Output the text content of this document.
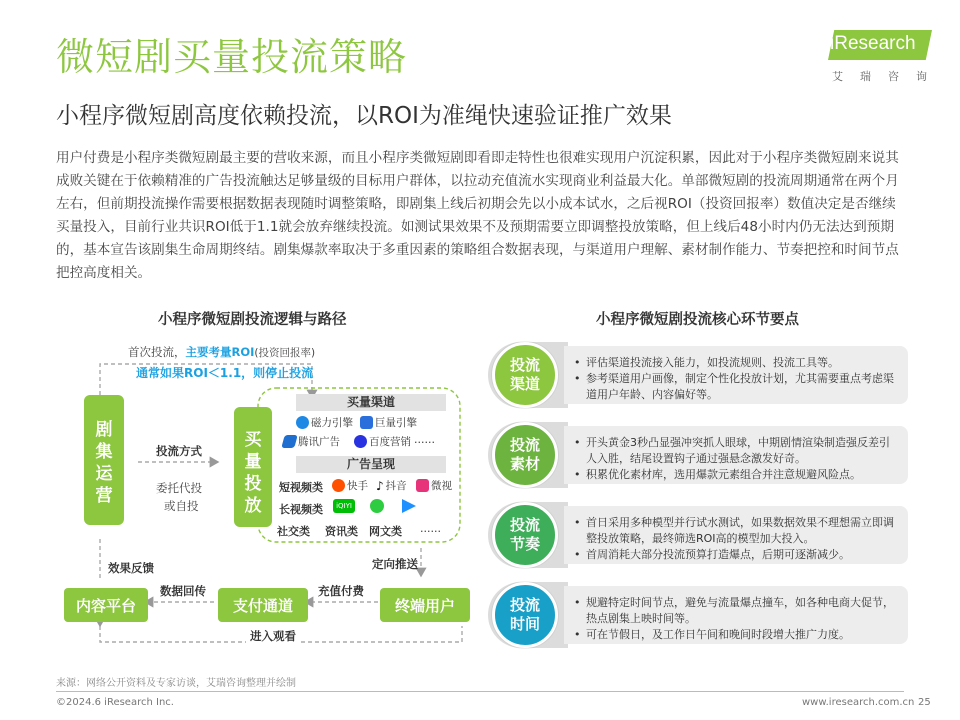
微短剧买量投流策略
小程序微短剧高度依赖投流，以ROI为准绳快速验证推广效果
iResearch
艾瑞咨询
用户付费是小程序类微短剧最主要的营收来源，而且小程序类微短剧即看即走特性也很难实现用户沉淀积累，因此对于小程序类微短剧来说其成败关键在于依赖精准的广告投流触达足够量级的目标用户群体，以拉动充值流水实现商业利益最大化。单部微短剧的投流周期通常在两个月左右，但前期投流操作需要根据数据表现随时调整策略，即剧集上线后初期会先以小成本试水，之后视ROI（投资回报率）数值决定是否继续买量投入，目前行业共识ROI低于1.1就会放弃继续投流。如测试果效果不及预期需要立即调整投放策略，但上线后48小时内仍无法达到预期的，基本宣告该剧集生命周期终结。剧集爆款率取决于多重因素的策略组合数据表现，与渠道用户理解、素材制作能力、节奏把控和时间节点把控高度相关。
小程序微短剧投流逻辑与路径	小程序微短剧投流核心环节要点
首次投流，主要考量ROI(投资回报率)
通常如果ROI＜1.1，则停止投流
剧集运营
投流方式
委托代投
或自投
买量投放
买量渠道
磁力引擎 巨量引擎
腾讯广告	百度营销 ……
广告呈现
短视频类 快手 ♪ 抖音 微视
长视频类	iQIYI
社交类 资讯类 网文类 ……
效果反馈	定向推送
内容平台	支付通道	终端用户
数据回传	充值付费
进入观看
• 评估渠道投流接入能力，如投流规则、投流工具等。
• 参考渠道用户画像，制定个性化投放计划，尤其需要重点考虑渠道用户年龄、内容偏好等。
投流
渠道
• 开头黄金3秒凸显强冲突抓人眼球，中期剧情渲染制造强反差引人入胜，结尾设置钩子通过强悬念激发好奇。
• 积累优化素材库，选用爆款元素组合并注意规避风险点。
投流
素材
• 首日采用多种模型并行试水测试，如果数据效果不理想需立即调整投放策略，最终筛选ROI高的模型加大投入。
• 首周消耗大部分投流预算打造爆点，后期可逐渐减少。
投流
节奏
• 规避特定时间节点，避免与流量爆点撞车，如各种电商大促节，热点剧集上映时间等。
• 可在节假日，及工作日午间和晚间时段增大推广力度。
投流
时间
来源：网络公开资料及专家访谈，艾瑞咨询整理并绘制
©2024.6 iResearch Inc.	www.iresearch.com.cn 25
